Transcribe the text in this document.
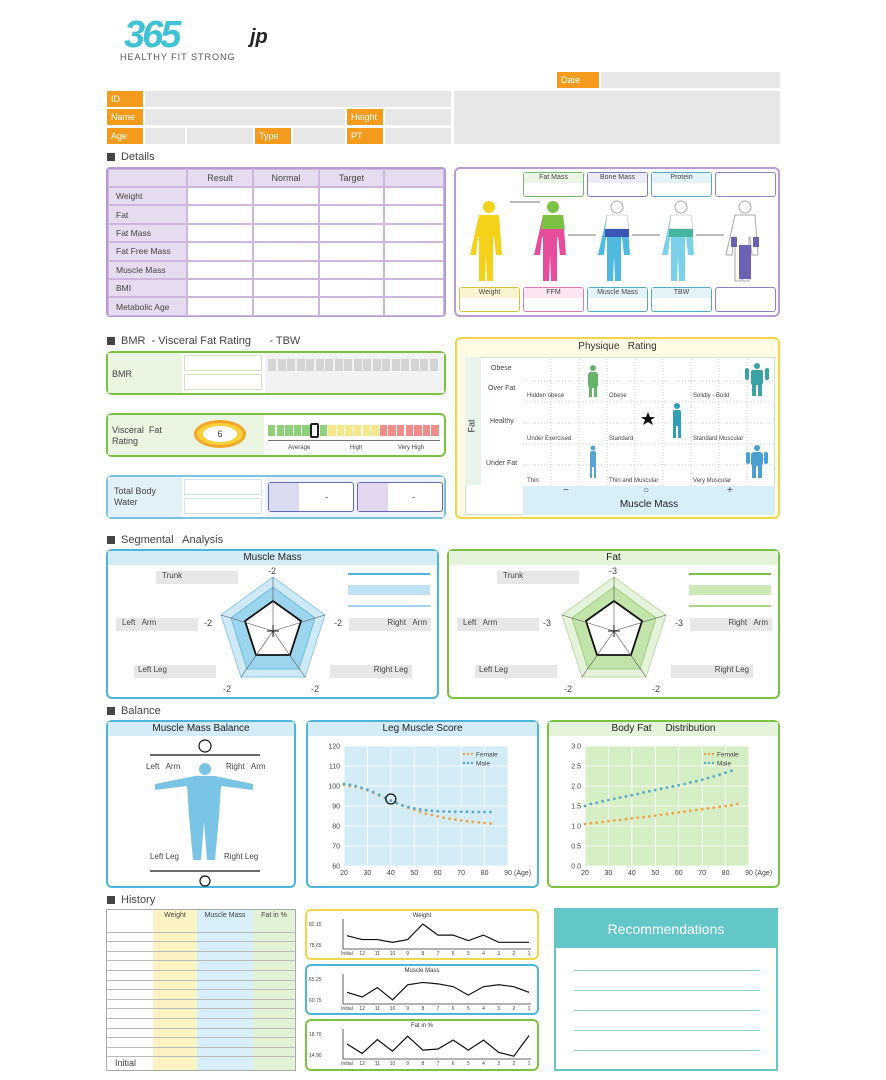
365	jp
HEALTHY FIT STRONG
Date
ID
Name	Height
Age	Type	PT
Details
Result	Normal	Target
Weight
Fat
Fat Mass
Fat Free Mass
Muscle Mass
BMI
Metabolic Age
Fat Mass	Bone Mass	Protein
Weight	FFM	Muscle Mass	TBW
BMR  - Visceral Fat Rating      - TBW
BMR
Visceral  Fat
Rating
6
Average	High	Very High
Total Body
Water	-	-
Physique   Rating
Fat
Obese
Over Fat
Healthy
Under Fat
Hidden obese	Obese	Solidly - Build
Under Exercised	Standard	Standard Muscular
Thin	Thin and Muscular	Very Muscular
−	○	+
Muscle Mass
Segmental   Analysis
Muscle Mass
Trunk
Left   Arm	Right   Arm
Left Leg	Right Leg
-2
-2	-2
-2	-2
Fat
Trunk
Left   Arm	Right   Arm
Left Leg	Right Leg
-3
-3	-3
-2	-2
Balance
Muscle Mass Balance
Left   Arm	Right   Arm
Left Leg	Right Leg
Leg Muscle Score
20 30 40 50 60 70 80 90
60
70
80
90
100
110
120
(Age)
Female
Male
Body Fat     Distribution
20 30 40 50 60 70 80 90
0.0
0.5
1.0
1.5
2.0
2.5
3.0
(Age)
Female
Male
History
Weight	Muscle Mass	Fat in %
Initial
Weight
82.15
78.65
Initial 12 11 10 9 8 7 6 5 4 3 2 1
Muscle Mass
65.25
60.75
Initial 12 11 10 9 8 7 6 5 4 3 2 1
Fat in %
18.70
14.90
Initial 12 11 10 9 8 7 6 5 4 3 2 1
Recommendations
